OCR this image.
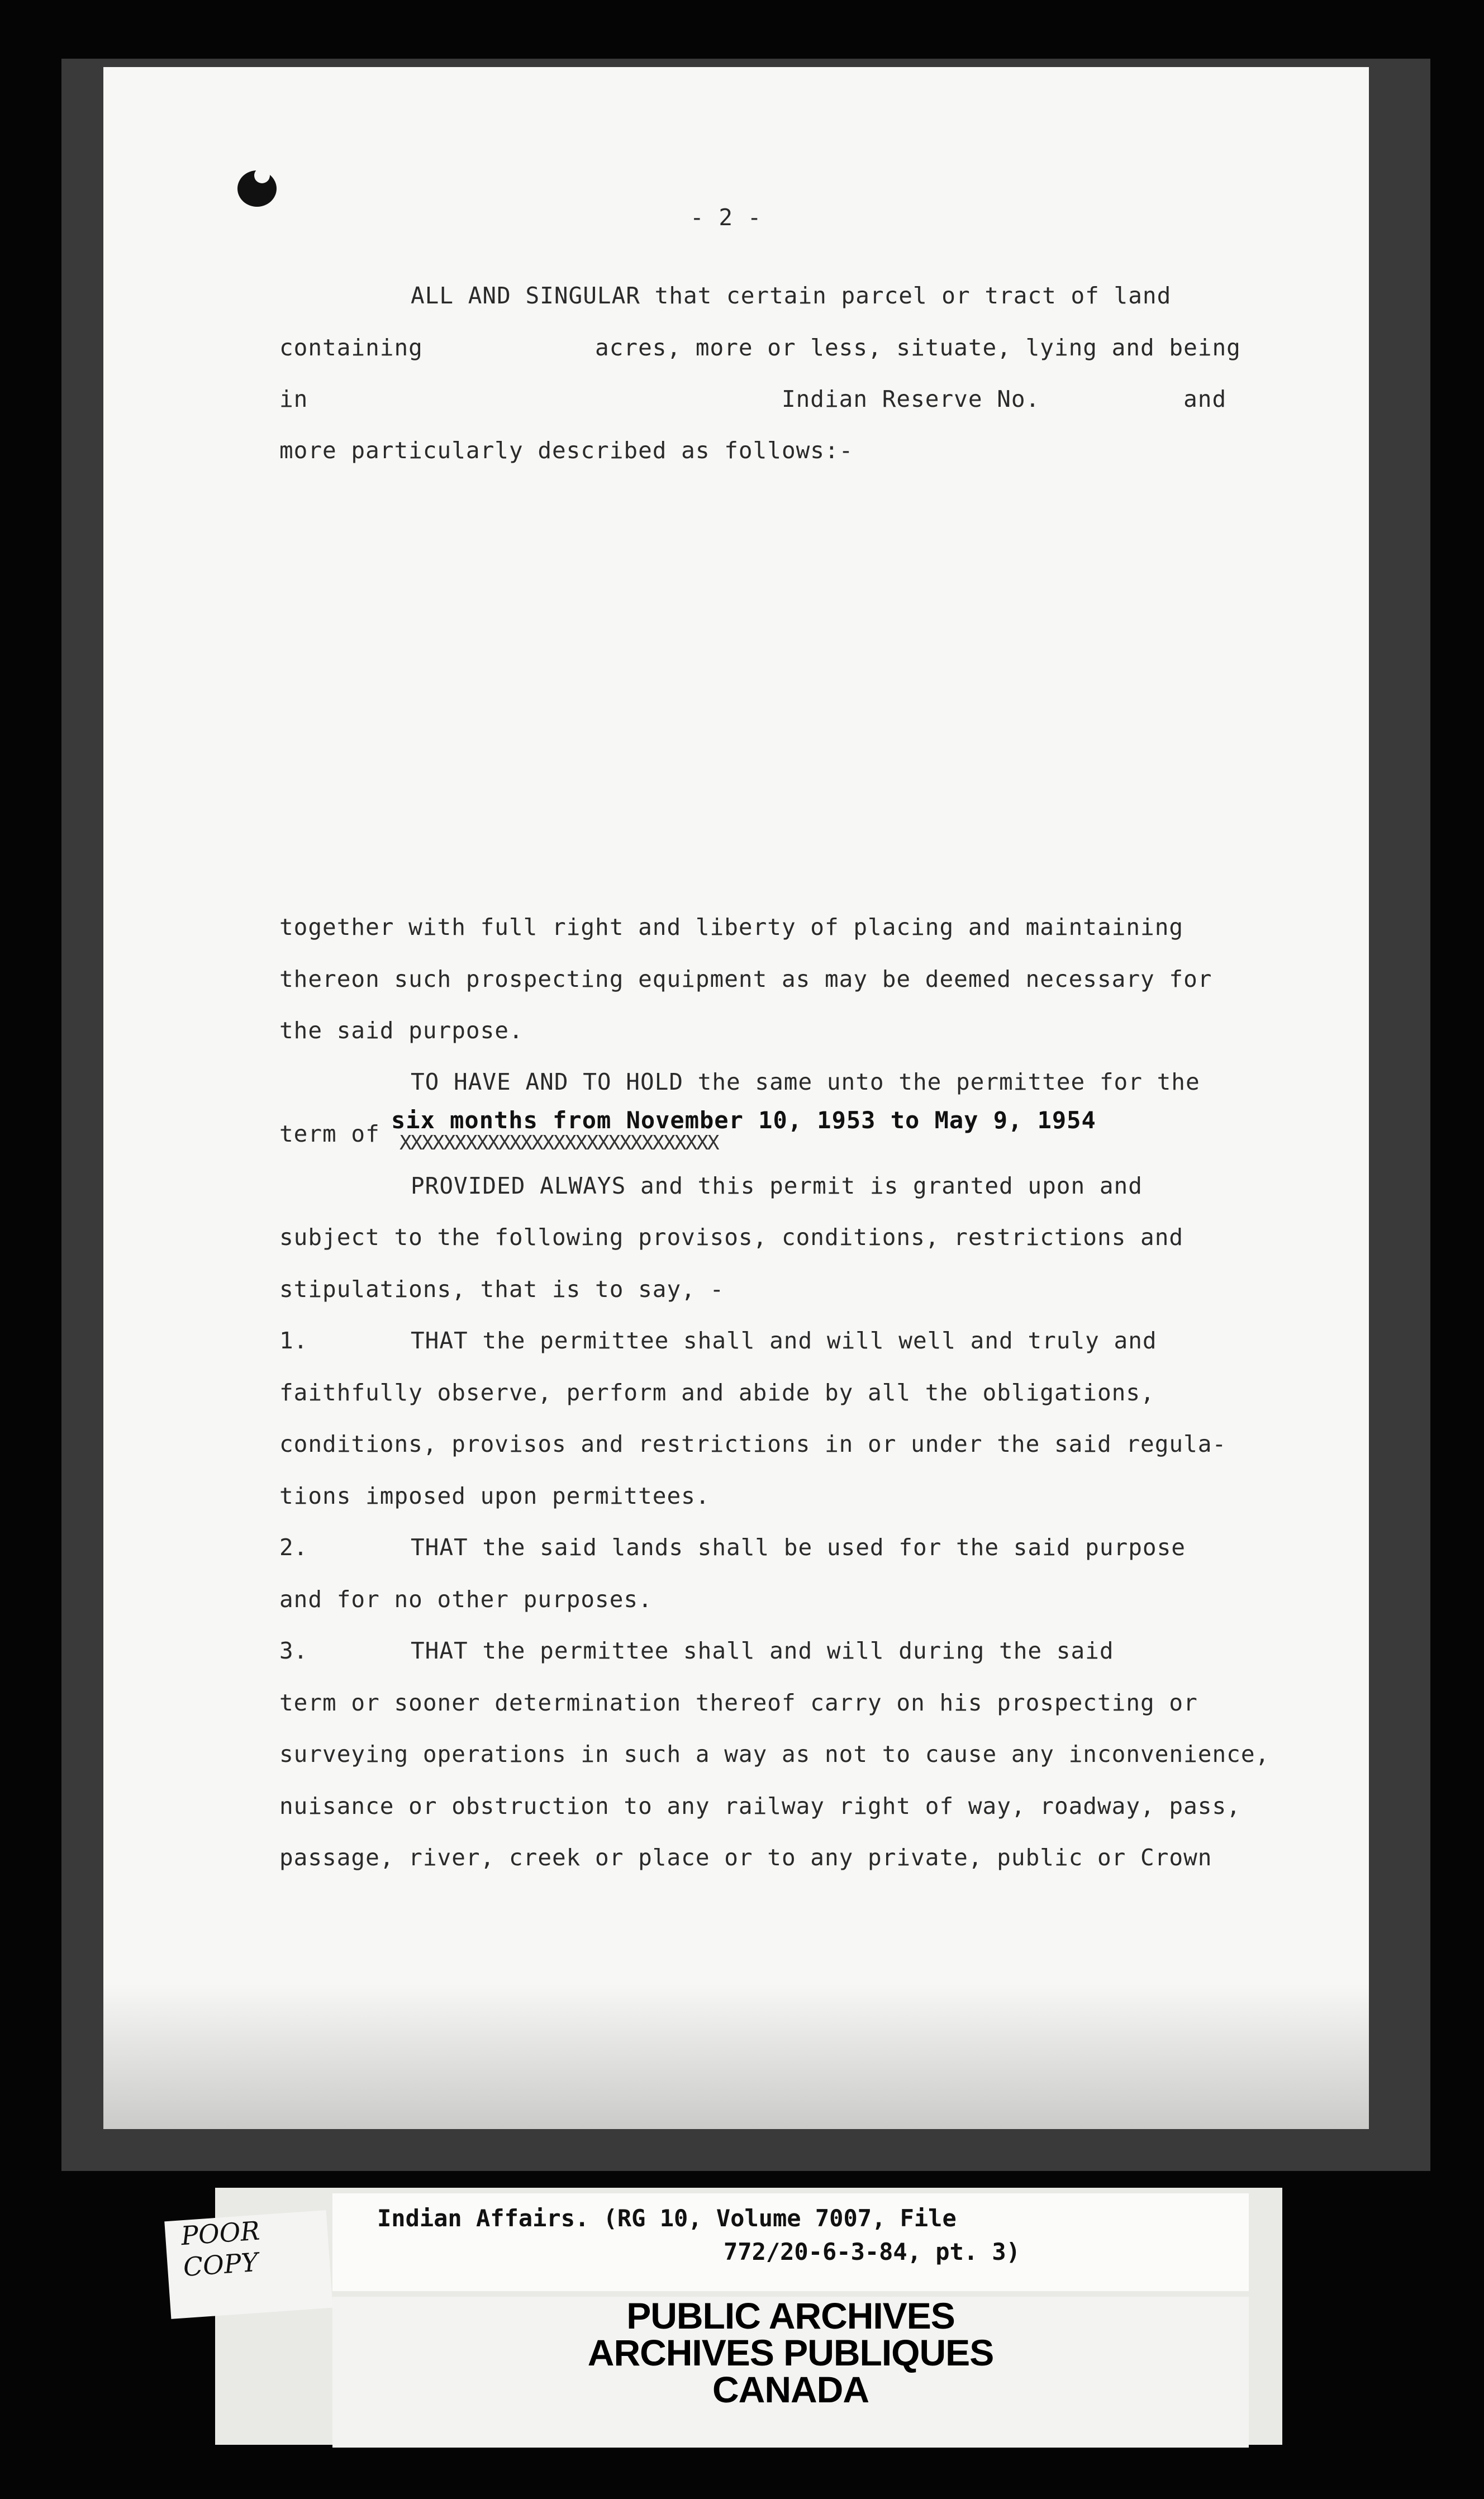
- 2 -
ALL AND SINGULAR that certain parcel or tract of land
containing            acres, more or less, situate, lying and being
in                                 Indian Reserve No.          and
more particularly described as follows:-
together with full right and liberty of placing and maintaining
thereon such prospecting equipment as may be deemed necessary for
the said purpose.
TO HAVE AND TO HOLD the same unto the permittee for the
six months from November 10, 1953 to May 9, 1954
term of XXXXXXXXXXXXXXXXXXXXXXXXXXXXX
PROVIDED ALWAYS and this permit is granted upon and
subject to the following provisos, conditions, restrictions and
stipulations, that is to say, -
1.	THAT the permittee shall and will well and truly and
faithfully observe, perform and abide by all the obligations,
conditions, provisos and restrictions in or under the said regula-
tions imposed upon permittees.
2.	THAT the said lands shall be used for the said purpose
and for no other purposes.
3.	THAT the permittee shall and will during the said
term or sooner determination thereof carry on his prospecting or
surveying operations in such a way as not to cause any inconvenience,
nuisance or obstruction to any railway right of way, roadway, pass,
passage, river, creek or place or to any private, public or Crown
Indian Affairs. (RG 10, Volume 7007, File
772/20-6-3-84, pt. 3)
POOR
COPY
PUBLIC ARCHIVES
ARCHIVES PUBLIQUES
CANADA
